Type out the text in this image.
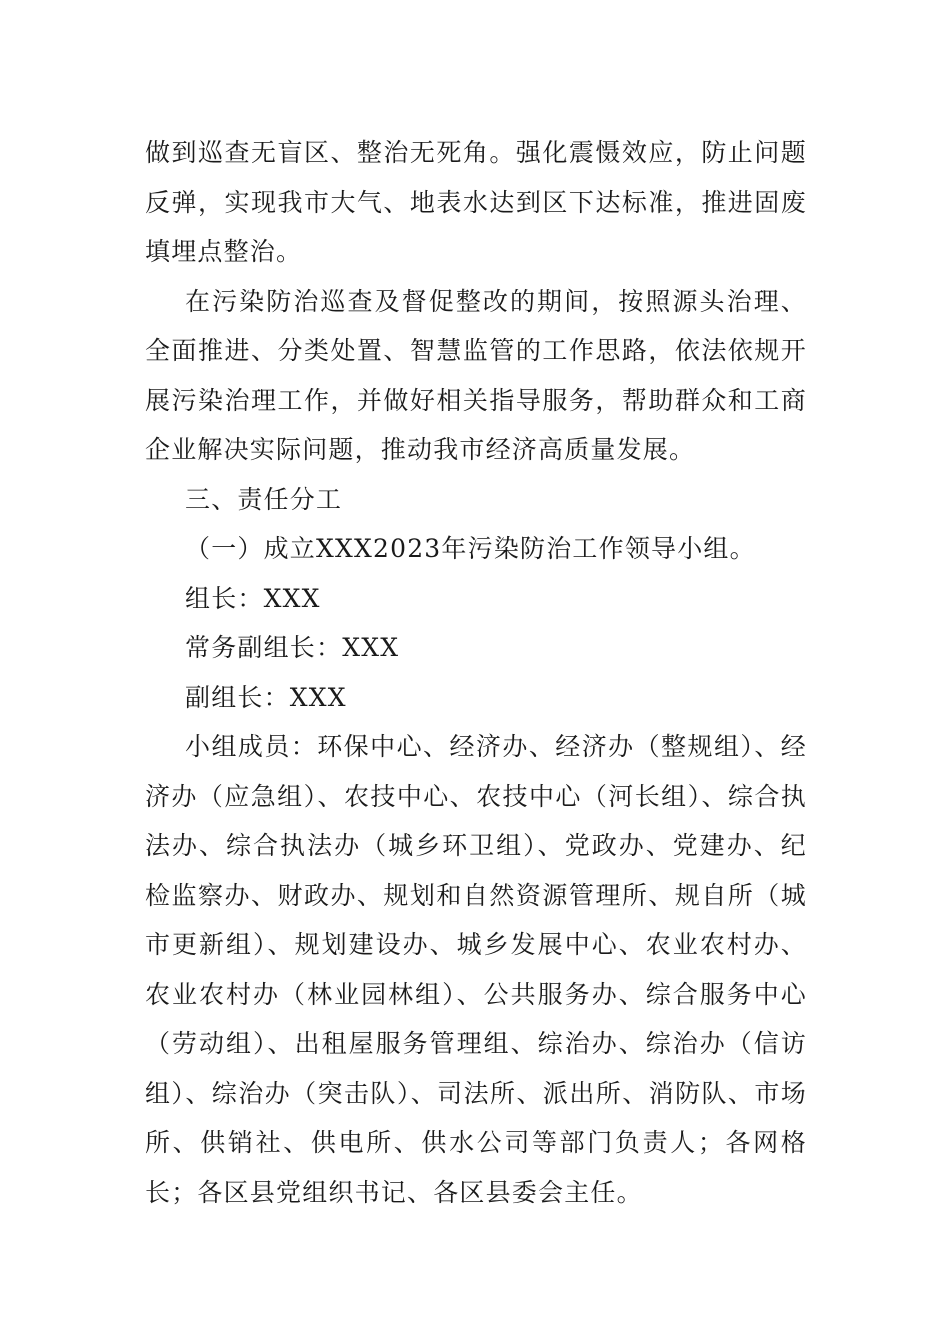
做到巡查无盲区、整治无死角。强化震慑效应，防止问题反弹，实现我市大气、地表水达到区下达标准，推进固废填埋点整治。

在污染防治巡查及督促整改的期间，按照源头治理、全面推进、分类处置、智慧监管的工作思路，依法依规开展污染治理工作，并做好相关指导服务，帮助群众和工商企业解决实际问题，推动我市经济高质量发展。

三、责任分工

（一）成立XXX2023年污染防治工作领导小组。

组长：XXX

常务副组长：XXX

副组长：XXX

小组成员：环保中心、经济办、经济办（整规组）、经济办（应急组）、农技中心、农技中心（河长组）、综合执法办、综合执法办（城乡环卫组）、党政办、党建办、纪检监察办、财政办、规划和自然资源管理所、规自所（城市更新组）、规划建设办、城乡发展中心、农业农村办、农业农村办（林业园林组）、公共服务办、综合服务中心（劳动组）、出租屋服务管理组、综治办、综治办（信访组）、综治办（突击队）、司法所、派出所、消防队、市场所、供销社、供电所、供水公司等部门负责人；各网格长；各区县党组织书记、各区县委会主任。
